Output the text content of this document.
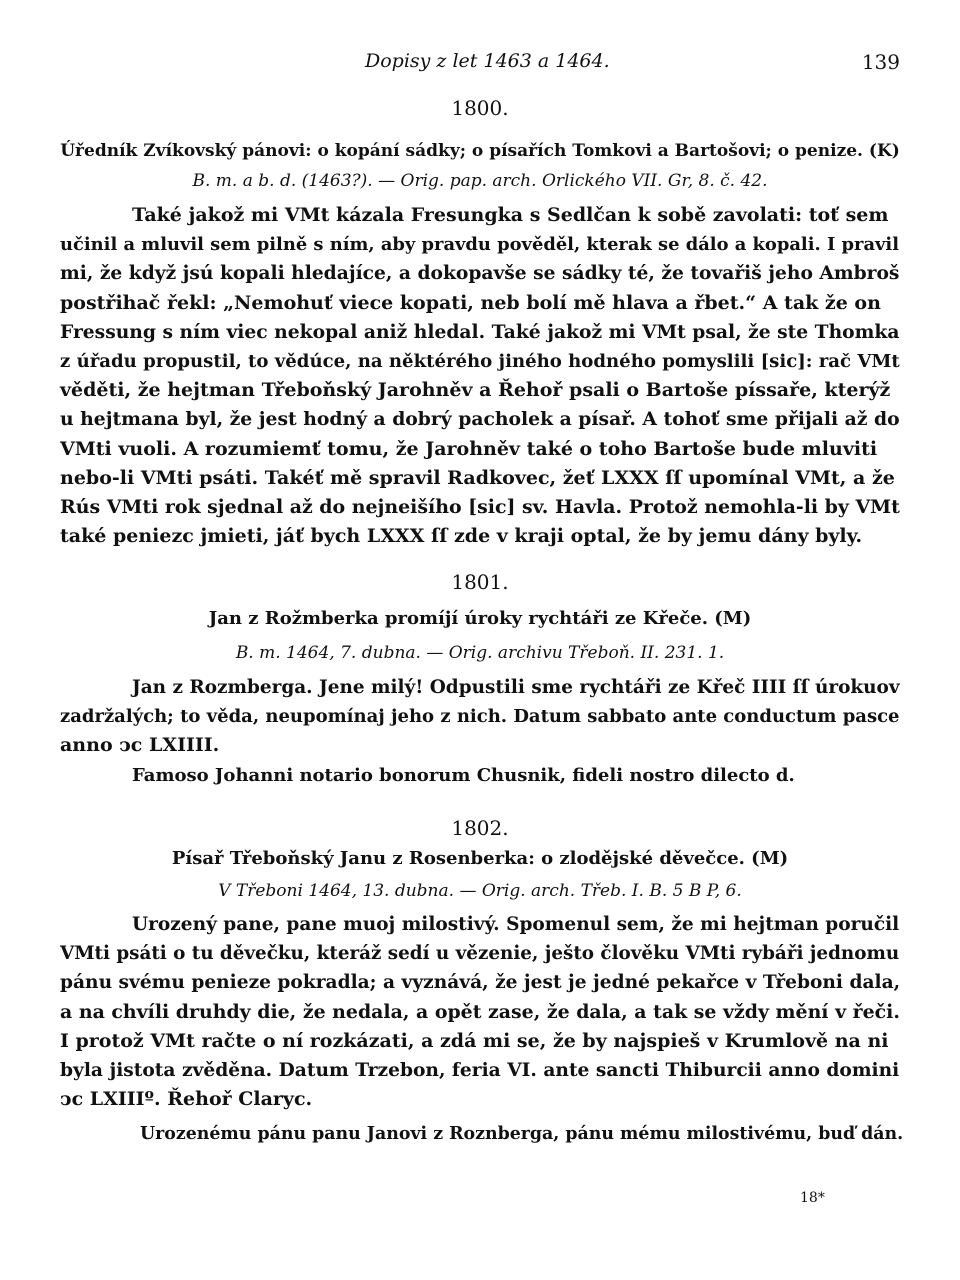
Dopisy z let 1463 a 1464.	139
1800.
Úředník Zvíkovský pánovi: o kopání sádky; o písařích Tomkovi a Bartošovi; o penize. (K)
B. m. a b. d. (1463?). — Orig. pap. arch. Orlického VII. Gr, 8. č. 42.
Také jakož mi VMt kázala Fresungka s Sedlčan k sobě zavolati: toť sem
učinil a mluvil sem pilně s ním, aby pravdu pověděl, kterak se dálo a kopali. I pravil
mi, že když jsú kopali hledajíce, a dokopavše se sádky té, že tovařiš jeho Ambroš
postřihač řekl: „Nemohuť viece kopati, neb bolí mě hlava a řbet.“ A tak že on
Fressung s ním viec nekopal aniž hledal. Také jakož mi VMt psal, že ste Thomka
z úřadu propustil, to vědúce, na něktérého jiného hodného pomyslili [sic]: rač VMt
věděti, že hejtman Třeboňský Jarohněv a Řehoř psali o Bartoše píssaře, kterýž
u hejtmana byl, že jest hodný a dobrý pacholek a písař. A tohoť sme přijali až do
VMti vuoli. A rozumiemť tomu, že Jarohněv také o toho Bartoše bude mluviti
nebo-li VMti psáti. Takéť mě spravil Radkovec, žeť LXXX ſſ upomínal VMt, a že
Rús VMti rok sjednal až do nejneišího [sic] sv. Havla. Protož nemohla-li by VMt
také peniezc jmieti, jáť bych LXXX ſſ zde v kraji optal, že by jemu dány byly.
1801.
Jan z Rožmberka promíjí úroky rychtáři ze Křeče. (M)
B. m. 1464, 7. dubna. — Orig. archivu Třeboň. II. 231. 1.
Jan z Rozmberga. Jene milý! Odpustili sme rychtáři ze Křeč IIII ſſ úrokuov
zadržalých; to věda, neupomínaj jeho z nich. Datum sabbato ante conductum pasce
anno ↄc LXIIII.
Famoso Johanni notario bonorum Chusnik, fideli nostro dilecto d.
1802.
Písař Třeboňský Janu z Rosenberka: o zlodějské děvečce. (M)
V Třeboni 1464, 13. dubna. — Orig. arch. Třeb. I. B. 5 B P, 6.
Urozený pane, pane muoj milostivý. Spomenul sem, že mi hejtman poručil
VMti psáti o tu děvečku, kteráž sedí u vězenie, ješto člověku VMti rybáři jednomu
pánu svému penieze pokradla; a vyznává, že jest je jedné pekařce v Třeboni dala,
a na chvíli druhdy die, že nedala, a opět zase, že dala, a tak se vždy mění v řeči.
I protož VMt račte o ní rozkázati, a zdá mi se, že by najspieš v Krumlově na ni
byla jistota zvěděna. Datum Trzebon, feria VI. ante sancti Thiburcii anno domini
ↄc LXIIIº. Řehoř Claryc.
Urozenému pánu panu Janovi z Roznberga, pánu mému milostivému, buď dán.
18*
